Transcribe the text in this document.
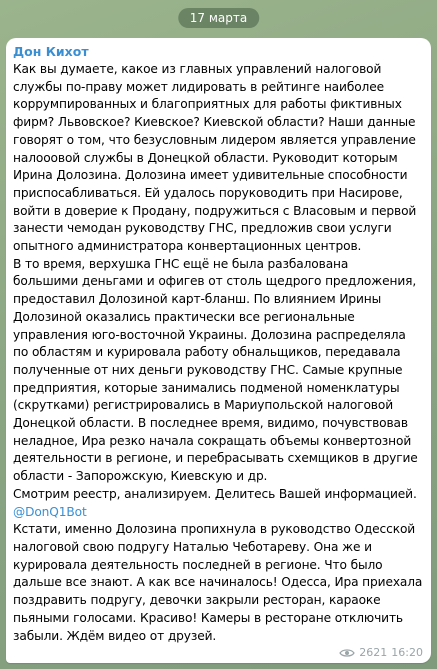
17 марта
Дон Кихот
Как вы думаете, какое из главных управлений налоговой
службы по-праву может лидировать в рейтинге наиболее
коррумпированных и благоприятных для работы фиктивных
фирм? Львовское? Киевское? Киевской области? Наши данные
говорят о том, что безусловным лидером является управление
налооовой службы в Донецкой области. Руководит которым
Ирина Долозина. Долозина имеет удивительные способности
приспосабливаться. Ей удалось поруководить при Насирове,
войти в доверие к Продану, подружиться с Власовым и первой
занести чемодан руководству ГНС, предложив свои услуги
опытного администратора конвертационных центров.
В то время, верхушка ГНС ещё не была разбалована
большими деньгами и офигев от столь щедрого предложения,
предоставил Долозиной карт-бланш. По влиянием Ирины
Долозиной оказались практически все региональные
управления юго-восточной Украины. Долозина распределяла
по областям и курировала работу обнальщиков, передавала
полученные от них деньги руководству ГНС. Самые крупные
предприятия, которые занимались подменой номенклатуры
(скрутками) регистрировались в Мариупольской налоговой
Донецкой области. В последнее время, видимо, почувствовав
неладное, Ира резко начала сокращать объемы конвертозной
деятельности в регионе, и перебрасывать схемщиков в другие
области - Запорожскую, Киевскую и др.
Смотрим реестр, анализируем. Делитесь Вашей информацией.
@DonQ1Bot
Кстати, именно Долозина пропихнула в руководство Одесской
налоговой свою подругу Наталью Чеботареву. Она же и
курировала деятельность последней в регионе. Что было
дальше все знают. А как все начиналось! Одесса, Ира приехала
поздравить подругу, девочки закрыли ресторан, караоке
пьяными голосами. Красиво! Камеры в ресторане отключить
забыли. Ждём видео от друзей.
2621 16:20
